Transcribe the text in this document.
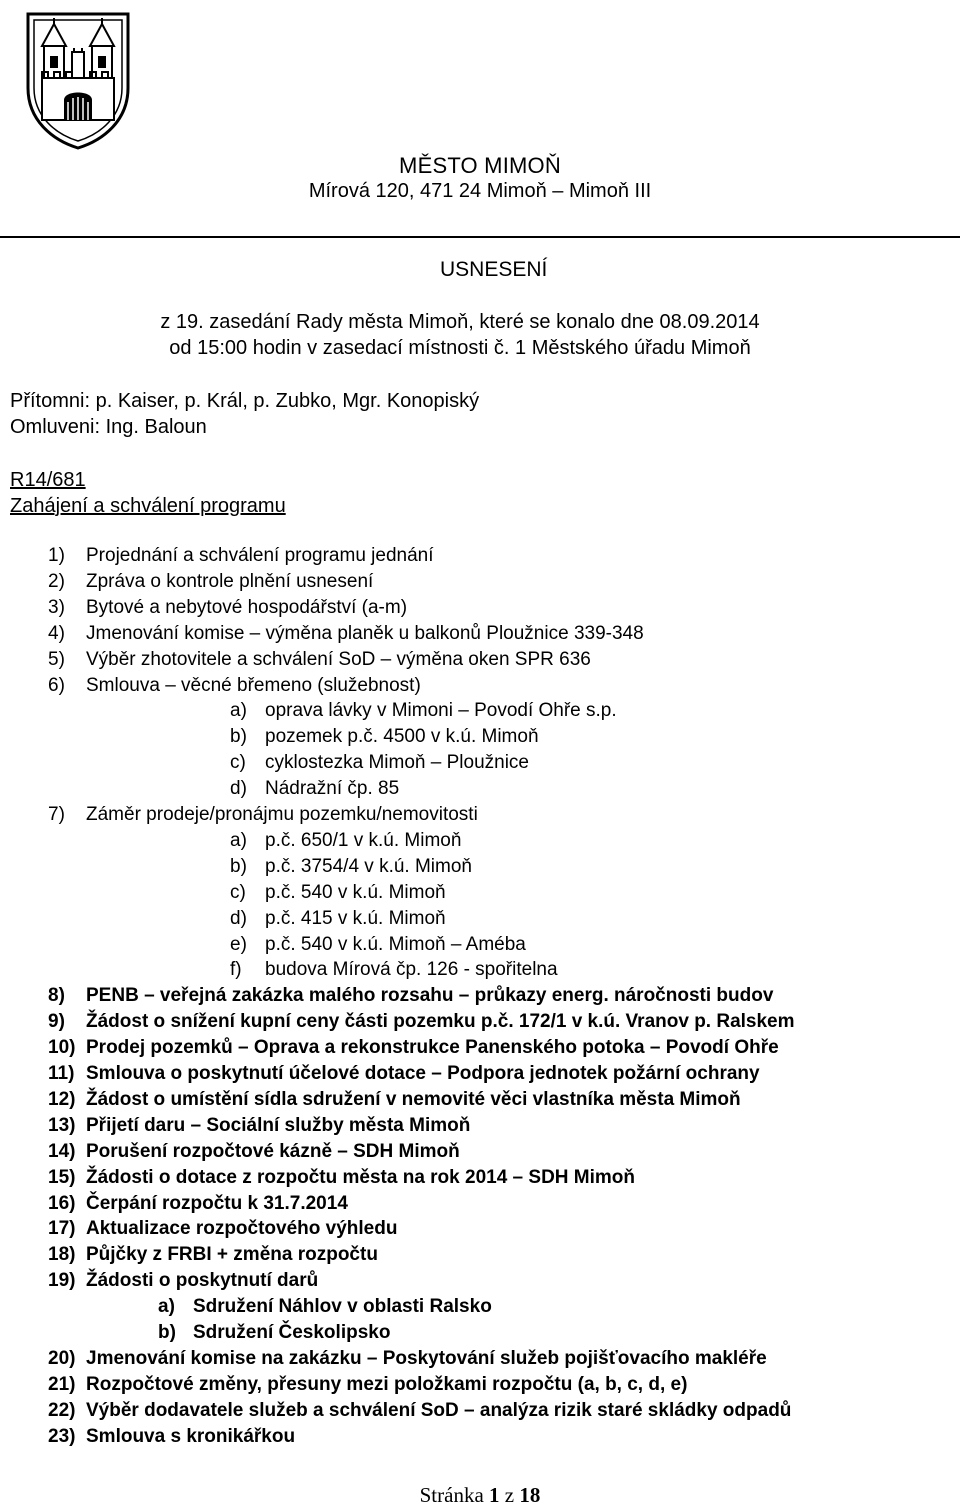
MĚSTO MIMOŇ
Mírová 120, 471 24 Mimoň – Mimoň III
USNESENÍ
z 19. zasedání Rady města Mimoň, které se konalo dne 08.09.2014
od 15:00 hodin v zasedací místnosti č. 1 Městského úřadu Mimoň
Přítomni: p. Kaiser, p. Král, p. Zubko, Mgr. Konopiský
Omluveni: Ing. Baloun
R14/681
Zahájení a schválení programu
1) Projednání a schválení programu jednání
2) Zpráva o kontrole plnění usnesení
3) Bytové a nebytové hospodářství (a-m)
4) Jmenování komise – výměna planěk u balkonů Ploužnice 339-348
5) Výběr zhotovitele a schválení SoD – výměna oken SPR 636
6) Smlouva – věcné břemeno (služebnost)
a) oprava lávky v Mimoni – Povodí Ohře s.p.
b) pozemek p.č. 4500 v k.ú. Mimoň
c) cyklostezka Mimoň – Ploužnice
d) Nádražní čp. 85
7) Záměr prodeje/pronájmu pozemku/nemovitosti
a) p.č. 650/1 v k.ú. Mimoň
b) p.č. 3754/4 v k.ú. Mimoň
c) p.č. 540 v k.ú. Mimoň
d) p.č. 415 v k.ú. Mimoň
e) p.č. 540 v k.ú. Mimoň – Améba
f) budova Mírová čp. 126 - spořitelna
8) PENB – veřejná zakázka malého rozsahu – průkazy energ. náročnosti budov
9) Žádost o snížení kupní ceny části pozemku p.č. 172/1 v k.ú. Vranov p. Ralskem
10) Prodej pozemků – Oprava a rekonstrukce Panenského potoka – Povodí Ohře
11) Smlouva o poskytnutí účelové dotace – Podpora jednotek požární ochrany
12) Žádost o umístění sídla sdružení v nemovité věci vlastníka města Mimoň
13) Přijetí daru – Sociální služby města Mimoň
14) Porušení rozpočtové kázně – SDH Mimoň
15) Žádosti o dotace z rozpočtu města na rok 2014 – SDH Mimoň
16) Čerpání rozpočtu k 31.7.2014
17) Aktualizace rozpočtového výhledu
18) Půjčky z FRBI + změna rozpočtu
19) Žádosti o poskytnutí darů
a) Sdružení Náhlov v oblasti Ralsko
b) Sdružení Českolipsko
20) Jmenování komise na zakázku – Poskytování služeb pojišťovacího makléře
21) Rozpočtové změny, přesuny mezi položkami rozpočtu (a, b, c, d, e)
22) Výběr dodavatele služeb a schválení SoD – analýza rizik staré skládky odpadů
23) Smlouva s kronikářkou
Stránka 1 z 18
